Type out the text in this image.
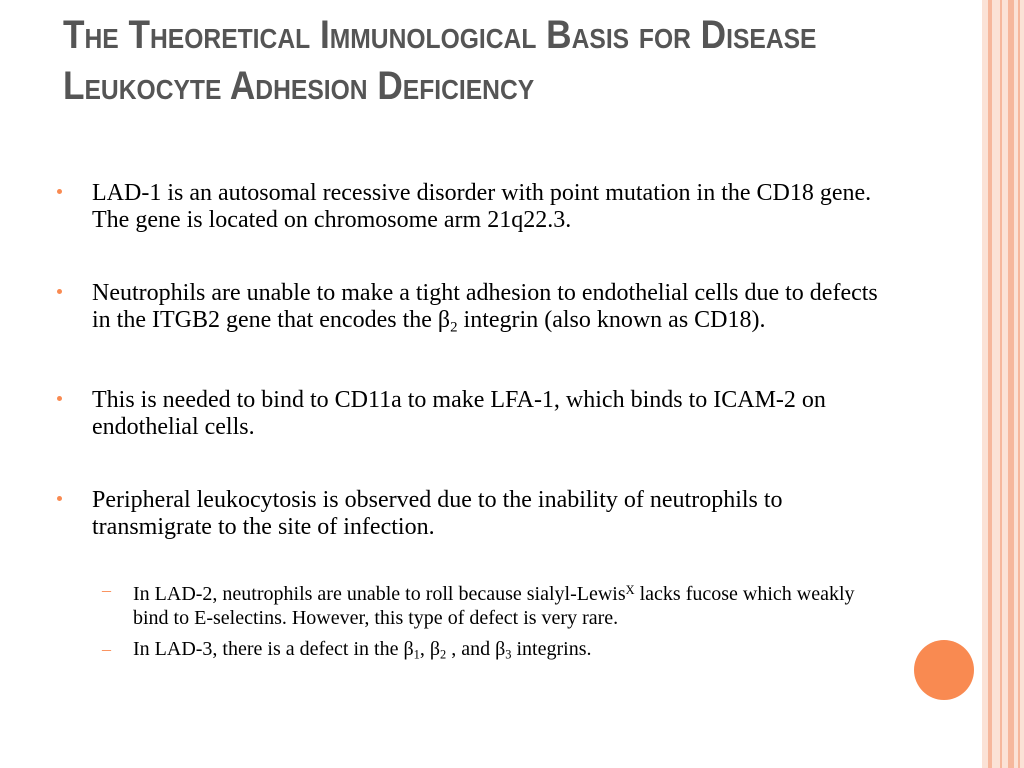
The Theoretical Immunological Basis for Disease Leukocyte Adhesion Deficiency
LAD-1 is an autosomal recessive disorder with point mutation in the CD18 gene. The gene is located on chromosome arm 21q22.3.
Neutrophils are unable to make a tight adhesion to endothelial cells due to defects in the ITGB2 gene that encodes the $\beta_2$ integrin (also known as CD18).
This is needed to bind to CD11a to make LFA-1, which binds to ICAM-2 on endothelial cells.
Peripheral leukocytosis is observed due to the inability of neutrophils to transmigrate to the site of infection.
– In LAD-2, neutrophils are unable to roll because sialyl-Lewis$^X$ lacks fucose which weakly bind to E-selectins. However, this type of defect is very rare.
– In LAD-3, there is a defect in the $\beta_1$, $\beta_2$ , and $\beta_3$ integrins.
